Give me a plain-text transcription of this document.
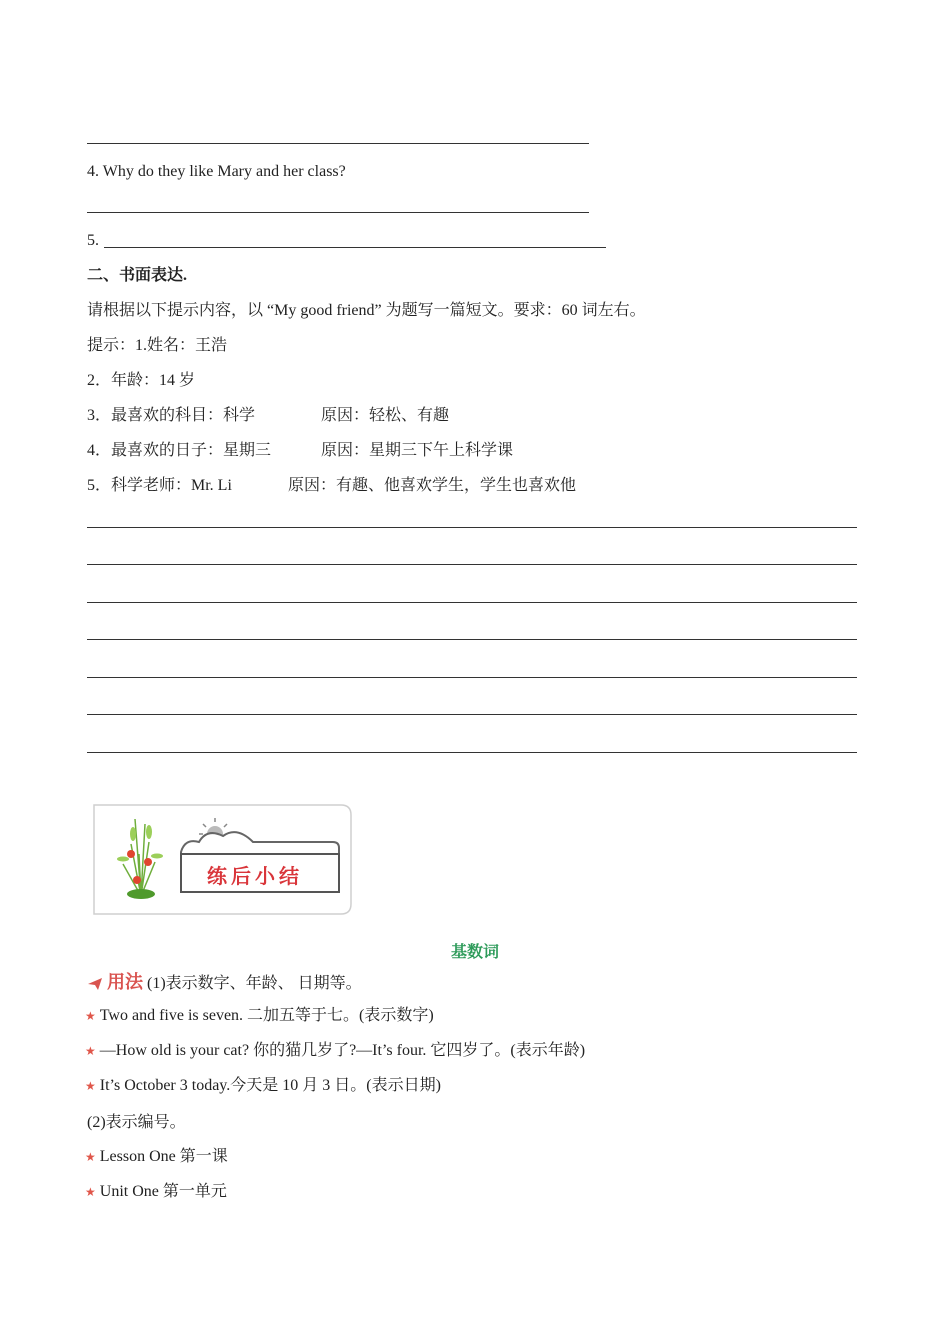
4. Why do they like Mary and her class?
5.
二、书面表达.
请根据以下提示内容，以 “My good friend” 为题写一篇短文。要求：60 词左右。
提示：1.姓名：王浩
2．年龄：14 岁
3．最喜欢的科目：科学	原因：轻松、有趣
4．最喜欢的日子：星期三	原因：星期三下午上科学课
5．科学老师：Mr. Li	原因：有趣、他喜欢学生，学生也喜欢他
练后小结
基数词
用法 (1)表示数字、年龄、 日期等。
★ Two and five is seven. 二加五等于七。(表示数字)
★ —How old is your cat? 你的猫几岁了?—It’s four. 它四岁了。(表示年龄)
★ It’s October 3 today.今天是 10 月 3 日。(表示日期)
(2)表示编号。
★ Lesson One 第一课
★ Unit One 第一单元
